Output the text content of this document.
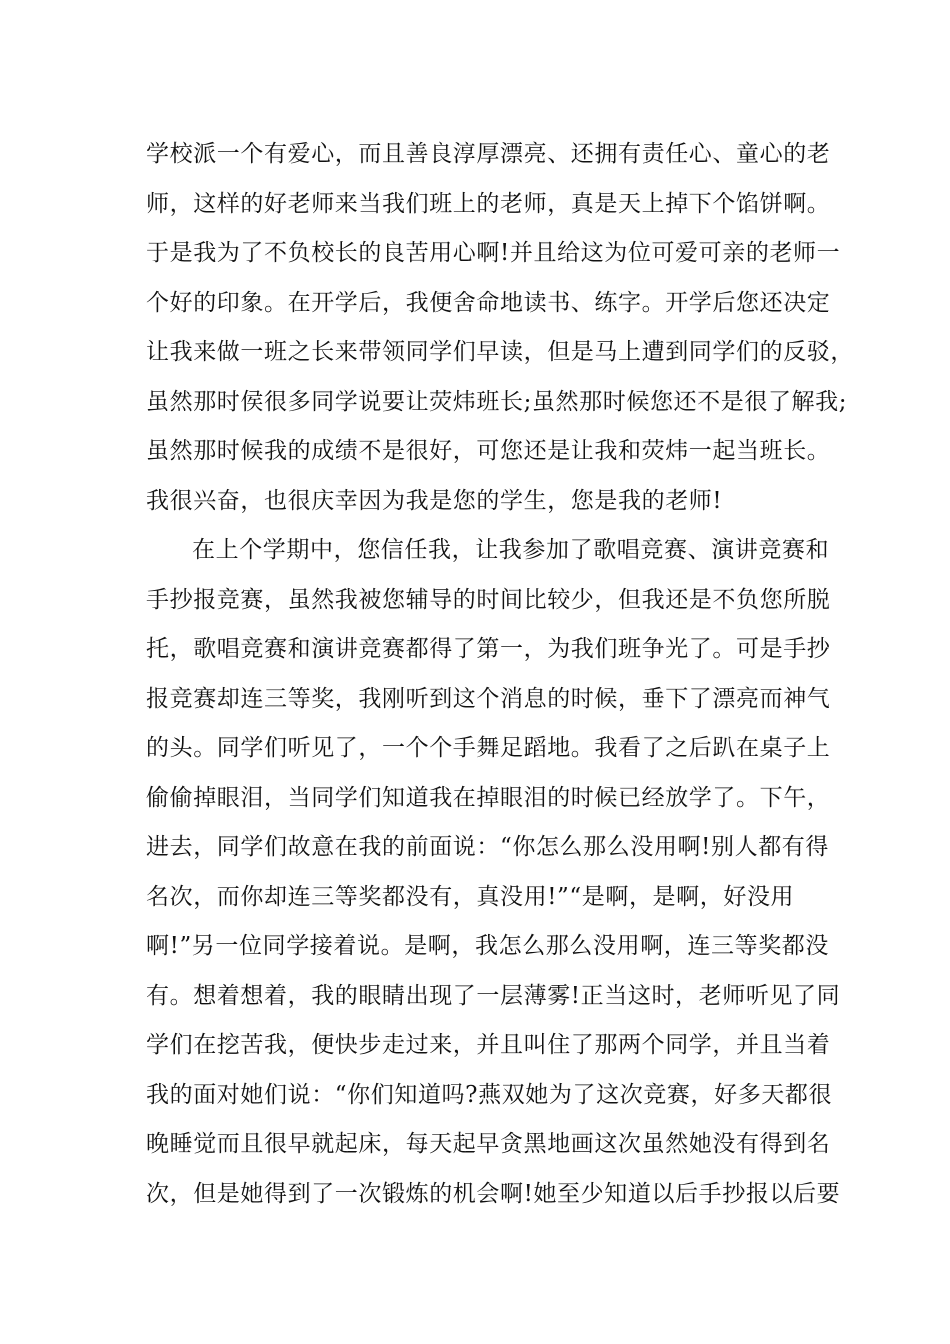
学校派一个有爱心，而且善良淳厚漂亮、还拥有责任心、童心的老
师，这样的好老师来当我们班上的老师，真是天上掉下个馅饼啊。
于是我为了不负校长的良苦用心啊!并且给这为位可爱可亲的老师一
个好的印象。在开学后，我便舍命地读书、练字。开学后您还决定
让我来做一班之长来带领同学们早读，但是马上遭到同学们的反驳，
虽然那时侯很多同学说要让荧炜班长;虽然那时候您还不是很了解我;
虽然那时候我的成绩不是很好，可您还是让我和荧炜一起当班长。
我很兴奋，也很庆幸因为我是您的学生，您是我的老师!
在上个学期中，您信任我，让我参加了歌唱竞赛、演讲竞赛和
手抄报竞赛，虽然我被您辅导的时间比较少，但我还是不负您所脱
托，歌唱竞赛和演讲竞赛都得了第一，为我们班争光了。可是手抄
报竞赛却连三等奖，我刚听到这个消息的时候，垂下了漂亮而神气
的头。同学们听见了，一个个手舞足蹈地。我看了之后趴在桌子上
偷偷掉眼泪，当同学们知道我在掉眼泪的时候已经放学了。下午，
进去，同学们故意在我的前面说：“你怎么那么没用啊!别人都有得
名次，而你却连三等奖都没有，真没用!”“是啊，是啊，好没用
啊!”另一位同学接着说。是啊，我怎么那么没用啊，连三等奖都没
有。想着想着，我的眼睛出现了一层薄雾!正当这时，老师听见了同
学们在挖苦我，便快步走过来，并且叫住了那两个同学，并且当着
我的面对她们说：“你们知道吗?燕双她为了这次竞赛，好多天都很
晚睡觉而且很早就起床，每天起早贪黑地画这次虽然她没有得到名
次，但是她得到了一次锻炼的机会啊!她至少知道以后手抄报以后要
